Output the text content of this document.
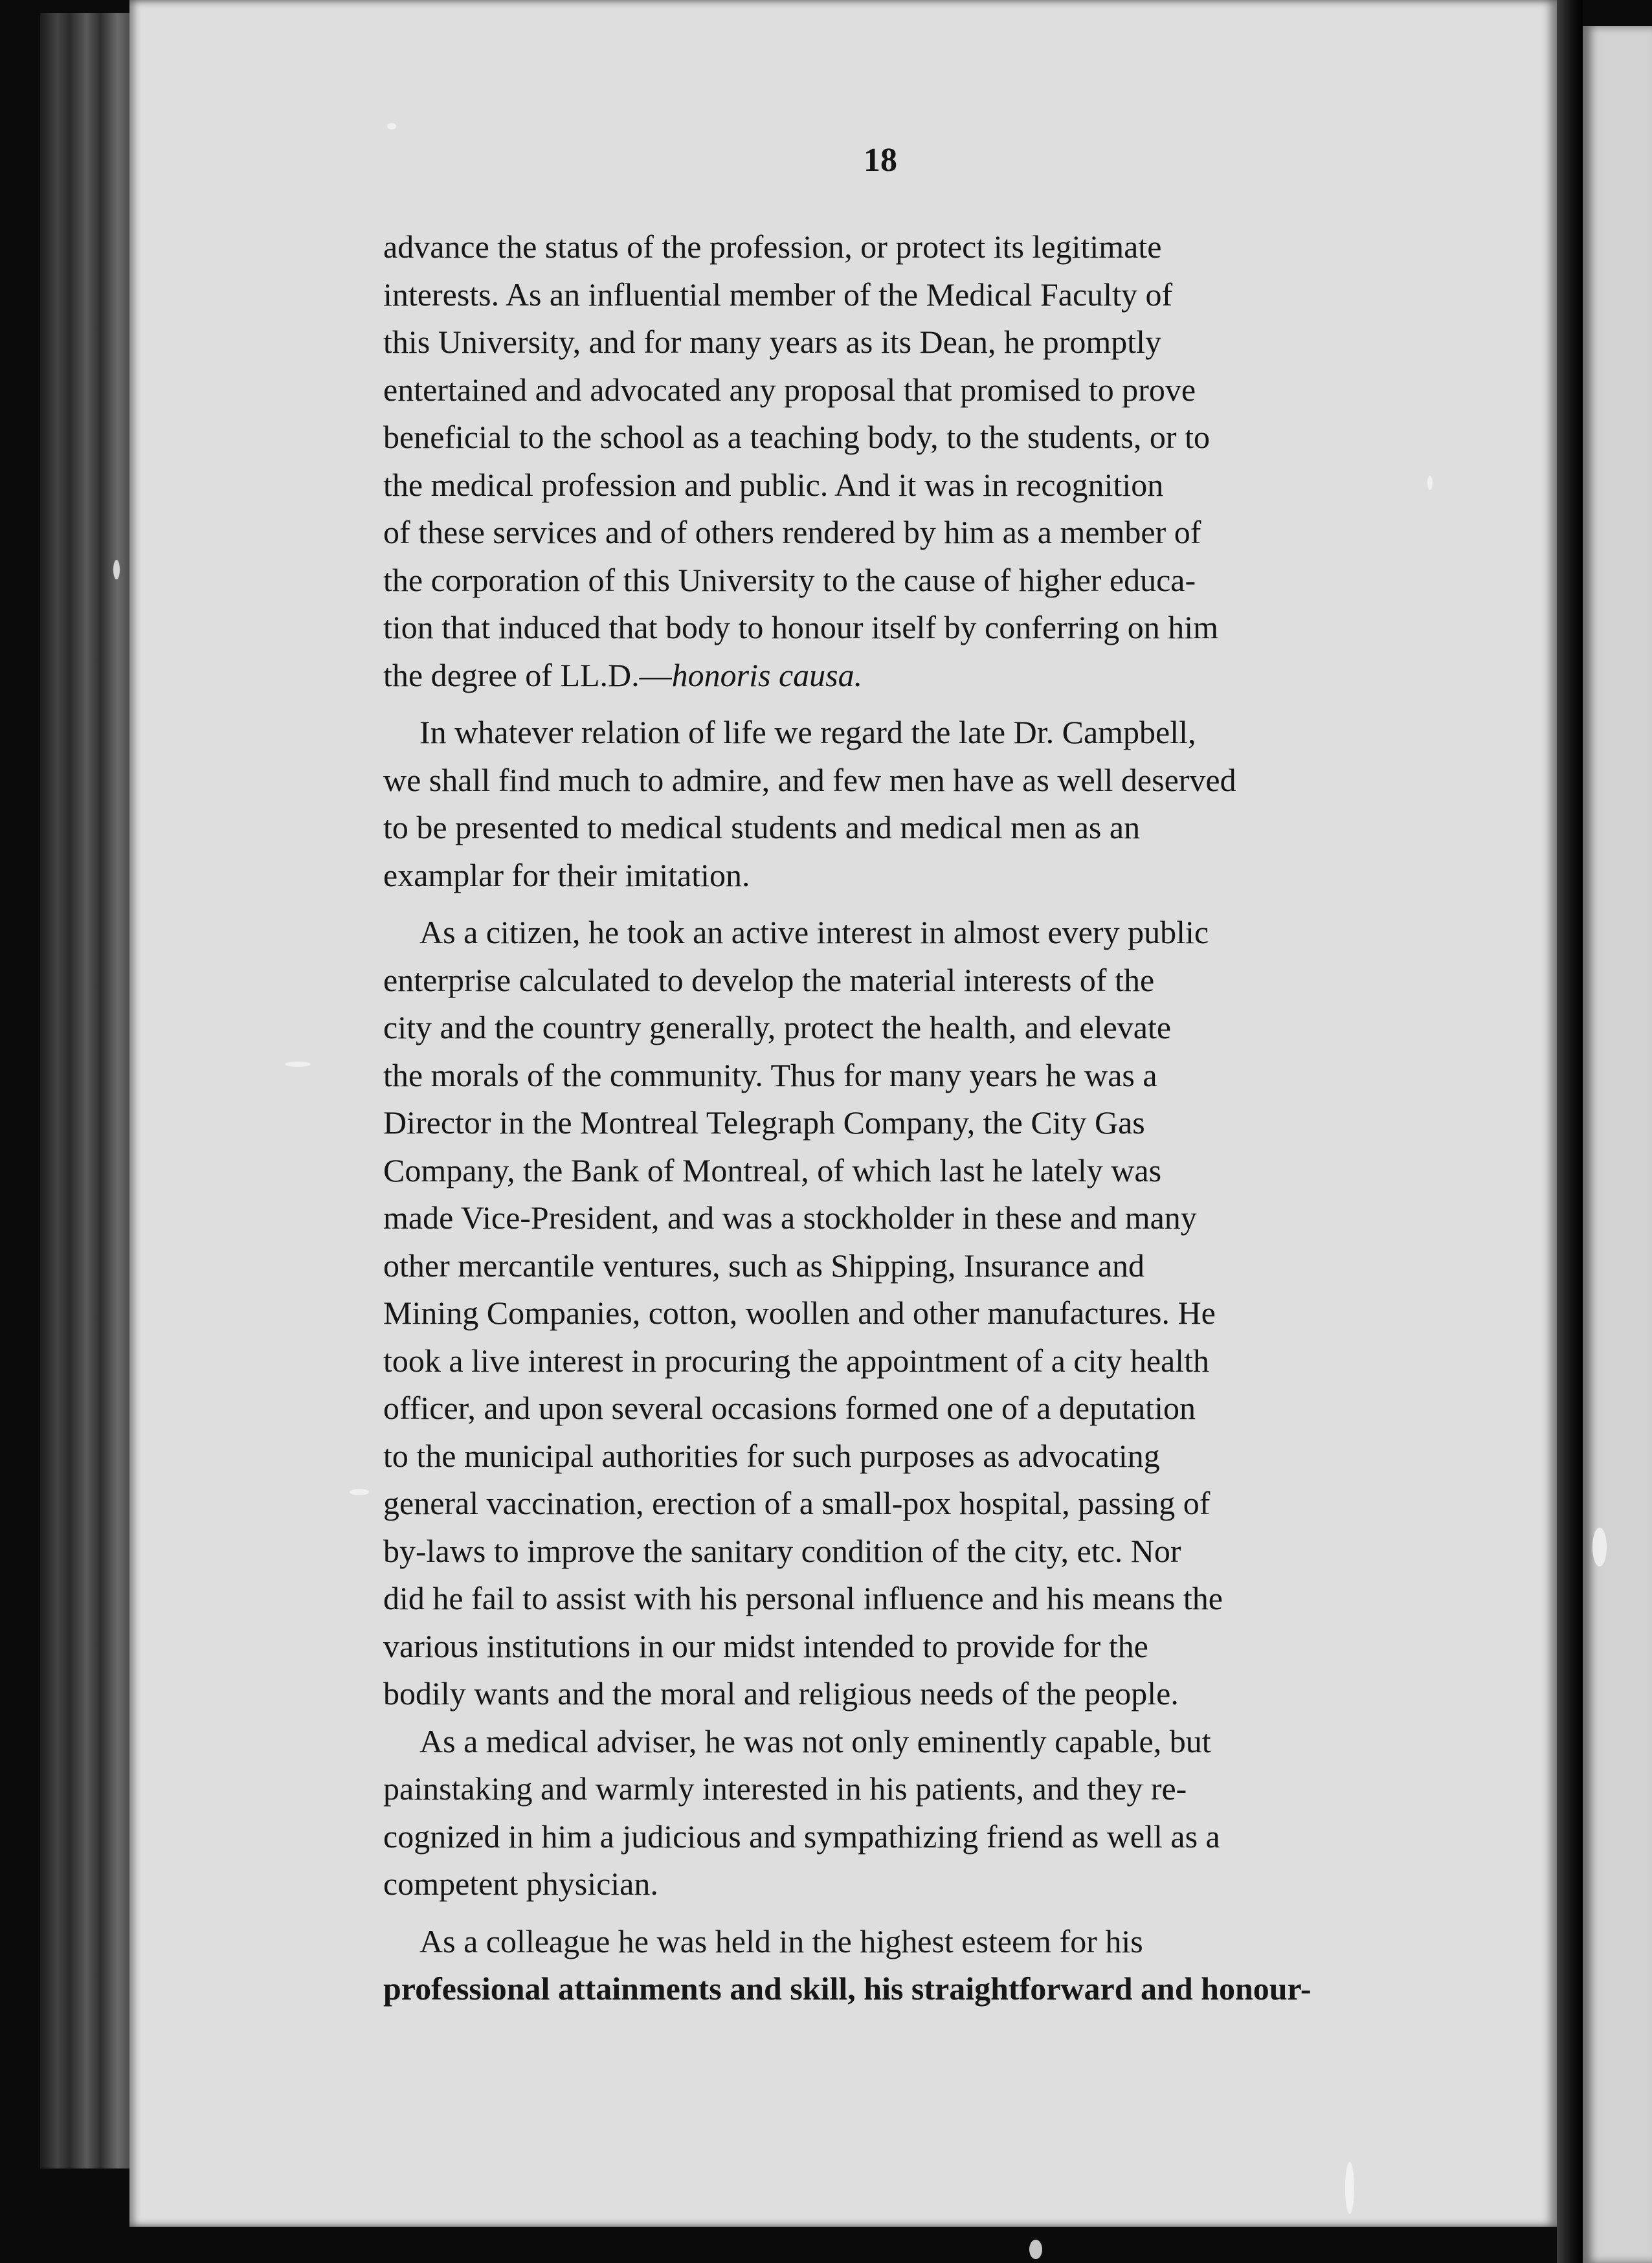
18
advance the status of the profession, or protect its legitimate
interests. As an influential member of the Medical Faculty of
this University, and for many years as its Dean, he promptly
entertained and advocated any proposal that promised to prove
beneficial to the school as a teaching body, to the students, or to
the medical profession and public. And it was in recognition
of these services and of others rendered by him as a member of
the corporation of this University to the cause of higher educa-
tion that induced that body to honour itself by conferring on him
the degree of LL.D.—honoris causa.
In whatever relation of life we regard the late Dr. Campbell,
we shall find much to admire, and few men have as well deserved
to be presented to medical students and medical men as an
examplar for their imitation.
As a citizen, he took an active interest in almost every public
enterprise calculated to develop the material interests of the
city and the country generally, protect the health, and elevate
the morals of the community. Thus for many years he was a
Director in the Montreal Telegraph Company, the City Gas
Company, the Bank of Montreal, of which last he lately was
made Vice-President, and was a stockholder in these and many
other mercantile ventures, such as Shipping, Insurance and
Mining Companies, cotton, woollen and other manufactures. He
took a live interest in procuring the appointment of a city health
officer, and upon several occasions formed one of a deputation
to the municipal authorities for such purposes as advocating
general vaccination, erection of a small-pox hospital, passing of
by-laws to improve the sanitary condition of the city, etc. Nor
did he fail to assist with his personal influence and his means the
various institutions in our midst intended to provide for the
bodily wants and the moral and religious needs of the people.
As a medical adviser, he was not only eminently capable, but
painstaking and warmly interested in his patients, and they re-
cognized in him a judicious and sympathizing friend as well as a
competent physician.
As a colleague he was held in the highest esteem for his
professional attainments and skill, his straightforward and honour-
